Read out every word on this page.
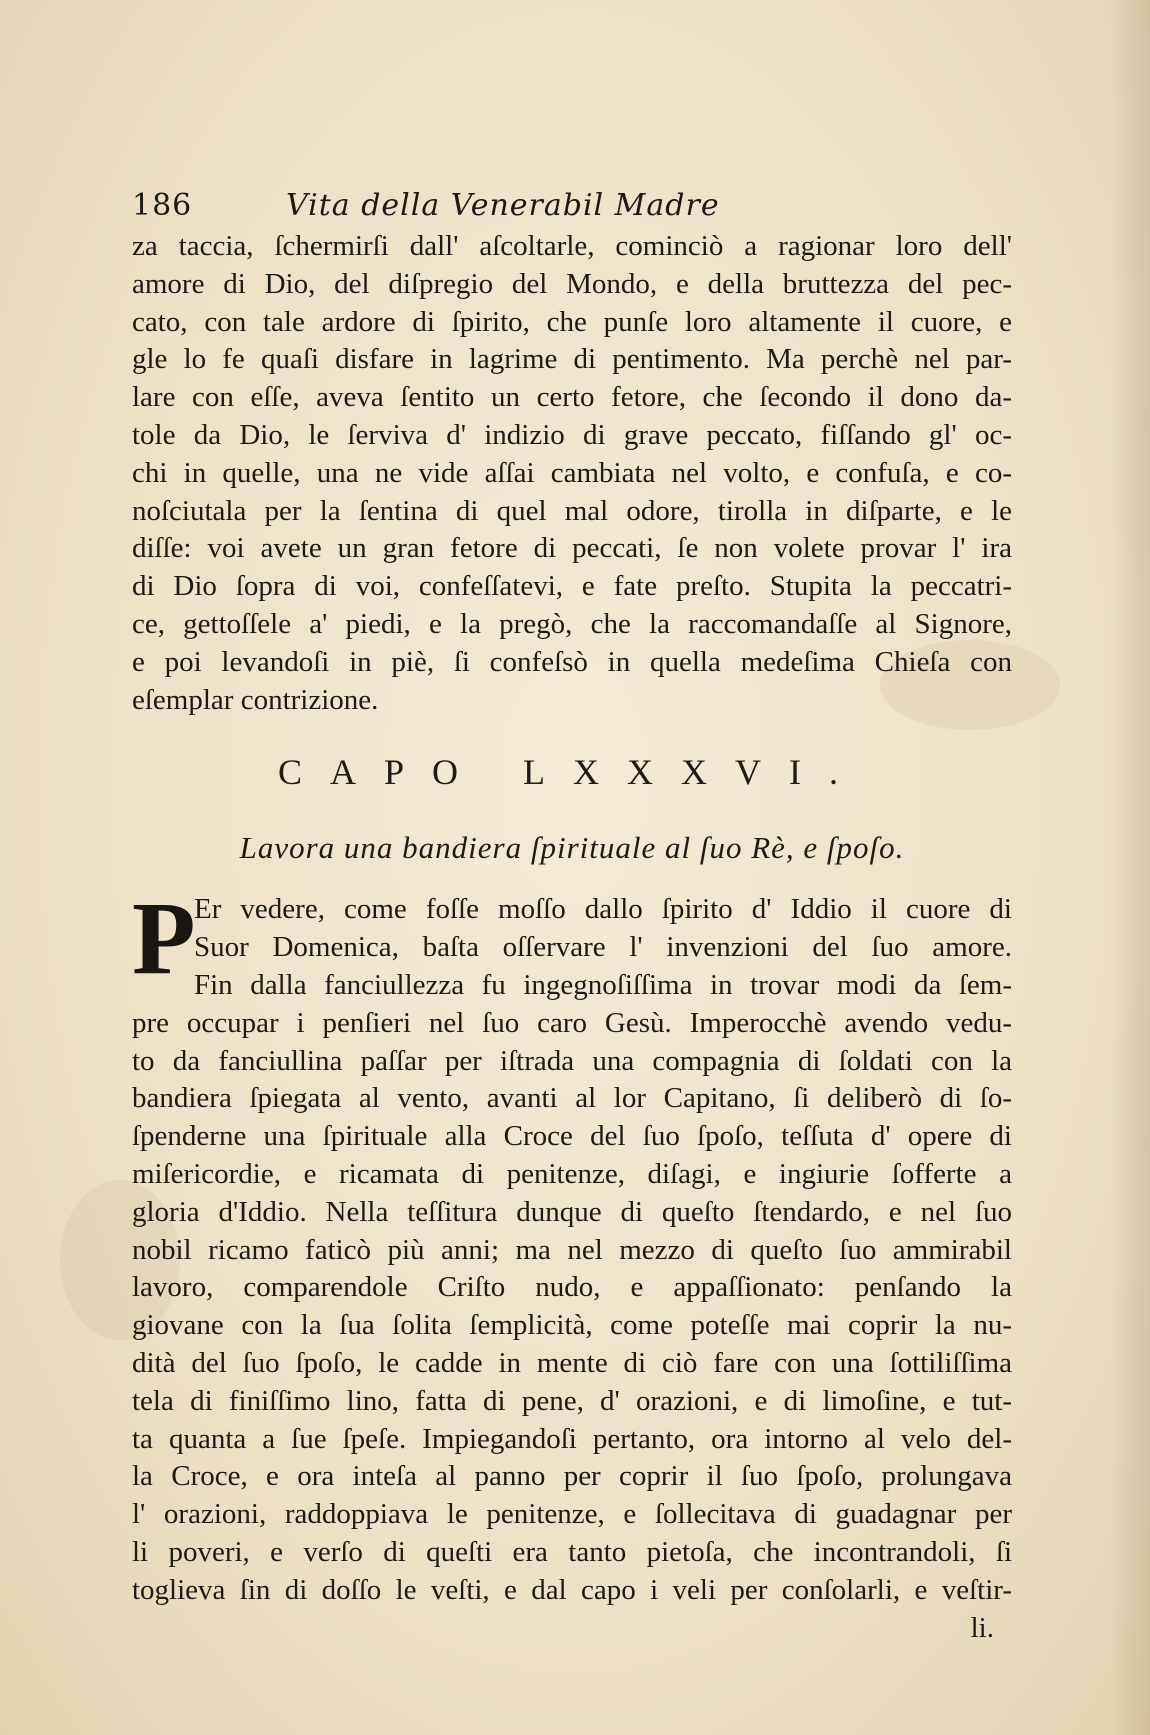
186	Vita della Venerabil Madre
za taccia, ſchermirſi dall' aſcoltarle, cominciò a ragionar loro dell'
amore di Dio, del diſpregio del Mondo, e della bruttezza del pec-
cato, con tale ardore di ſpirito, che punſe loro altamente il cuore, e
gle lo fe quaſi disfare in lagrime di pentimento. Ma perchè nel par-
lare con eſſe, aveva ſentito un certo fetore, che ſecondo il dono da-
tole da Dio, le ſerviva d' indizio di grave peccato, fiſſando gl' oc-
chi in quelle, una ne vide aſſai cambiata nel volto, e confuſa, e co-
noſciutala per la ſentina di quel mal odore, tirolla in diſparte, e le
diſſe: voi avete un gran fetore di peccati, ſe non volete provar l' ira
di Dio ſopra di voi, confeſſatevi, e fate preſto. Stupita la peccatri-
ce, gettoſſele a' piedi, e la pregò, che la raccomandaſſe al Signore,
e poi levandoſi in piè, ſi confeſsò in quella medeſima Chieſa con
eſemplar contrizione.
CAPO LXXXVI.
Lavora una bandiera ſpirituale al ſuo Rè, e ſpoſo.
P
Er vedere, come foſſe moſſo dallo ſpirito d' Iddio il cuore di
Suor Domenica, baſta oſſervare l' invenzioni del ſuo amore.
Fin dalla fanciullezza fu ingegnoſiſſima in trovar modi da ſem-
pre occupar i penſieri nel ſuo caro Gesù. Imperocchè avendo vedu-
to da fanciullina paſſar per iſtrada una compagnia di ſoldati con la
bandiera ſpiegata al vento, avanti al lor Capitano, ſi deliberò di ſo-
ſpenderne una ſpirituale alla Croce del ſuo ſpoſo, teſſuta d' opere di
miſericordie, e ricamata di penitenze, diſagi, e ingiurie ſofferte a
gloria d'Iddio. Nella teſſitura dunque di queſto ſtendardo, e nel ſuo
nobil ricamo faticò più anni; ma nel mezzo di queſto ſuo ammirabil
lavoro, comparendole Criſto nudo, e appaſſionato: penſando la
giovane con la ſua ſolita ſemplicità, come poteſſe mai coprir la nu-
dità del ſuo ſpoſo, le cadde in mente di ciò fare con una ſottiliſſima
tela di finiſſimo lino, fatta di pene, d' orazioni, e di limoſine, e tut-
ta quanta a ſue ſpeſe. Impiegandoſi pertanto, ora intorno al velo del-
la Croce, e ora inteſa al panno per coprir il ſuo ſpoſo, prolungava
l' orazioni, raddoppiava le penitenze, e ſollecitava di guadagnar per
li poveri, e verſo di queſti era tanto pietoſa, che incontrandoli, ſi
toglieva ſin di doſſo le veſti, e dal capo i veli per conſolarli, e veſtir-
li.
